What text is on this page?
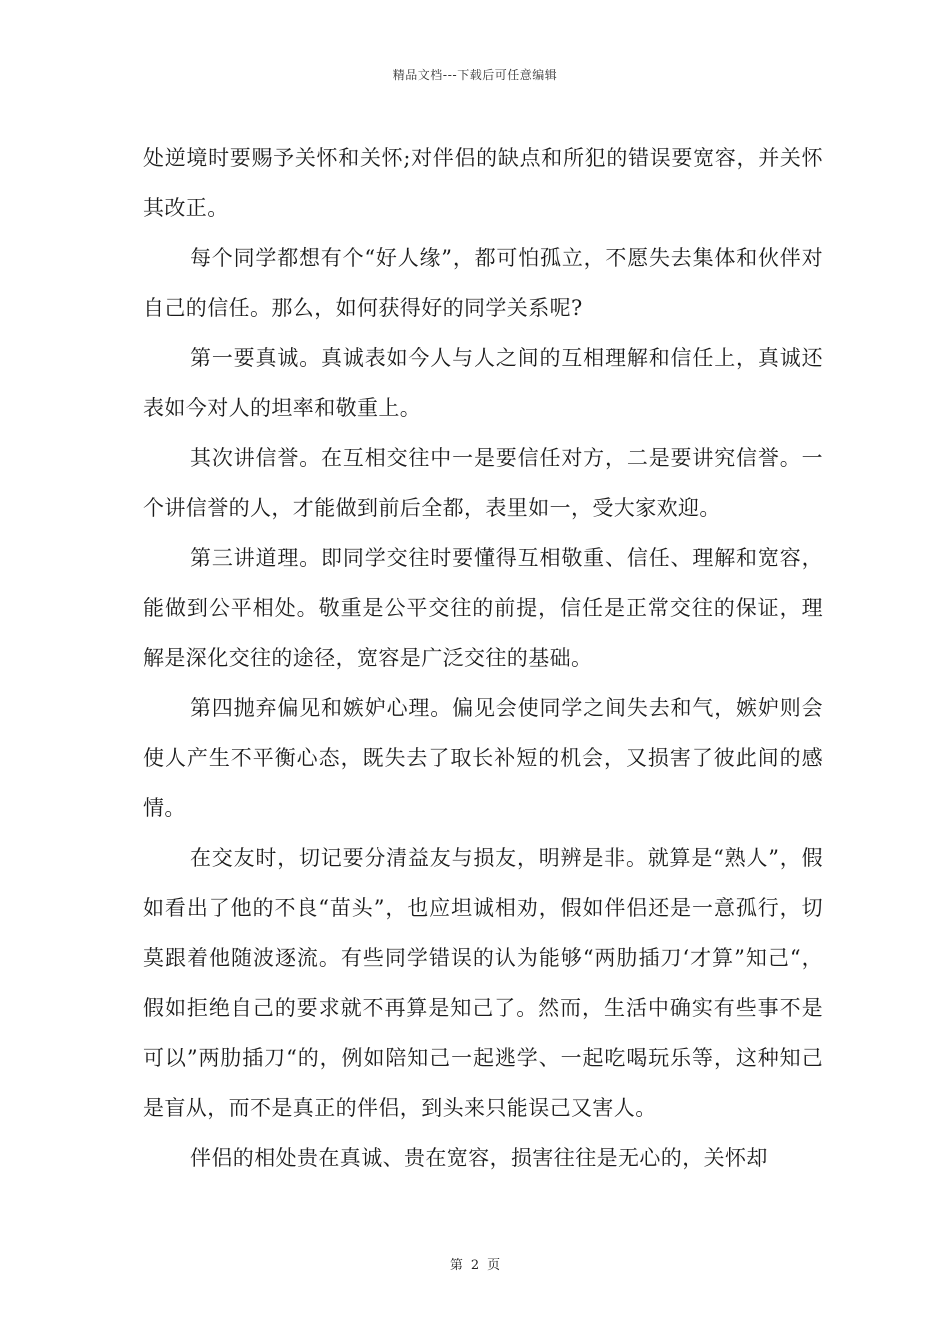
精品文档---下载后可任意编辑

处逆境时要赐予关怀和关怀;对伴侣的缺点和所犯的错误要宽容，并关怀其改正。

每个同学都想有个“好人缘”，都可怕孤立，不愿失去集体和伙伴对自己的信任。那么，如何获得好的同学关系呢?

第一要真诚。真诚表如今人与人之间的互相理解和信任上，真诚还表如今对人的坦率和敬重上。

其次讲信誉。在互相交往中一是要信任对方，二是要讲究信誉。一个讲信誉的人，才能做到前后全都，表里如一，受大家欢迎。

第三讲道理。即同学交往时要懂得互相敬重、信任、理解和宽容，能做到公平相处。敬重是公平交往的前提，信任是正常交往的保证，理解是深化交往的途径，宽容是广泛交往的基础。

第四抛弃偏见和嫉妒心理。偏见会使同学之间失去和气，嫉妒则会使人产生不平衡心态，既失去了取长补短的机会，又损害了彼此间的感情。

在交友时，切记要分清益友与损友，明辨是非。就算是“熟人”，假如看出了他的不良“苗头”，也应坦诚相劝，假如伴侣还是一意孤行，切莫跟着他随波逐流。有些同学错误的认为能够“两肋插刀‘才算”知己“，假如拒绝自己的要求就不再算是知己了。然而，生活中确实有些事不是可以”两肋插刀“的，例如陪知己一起逃学、一起吃喝玩乐等，这种知己是盲从，而不是真正的伴侣，到头来只能误己又害人。

伴侣的相处贵在真诚、贵在宽容，损害往往是无心的，关怀却

第 2 页
